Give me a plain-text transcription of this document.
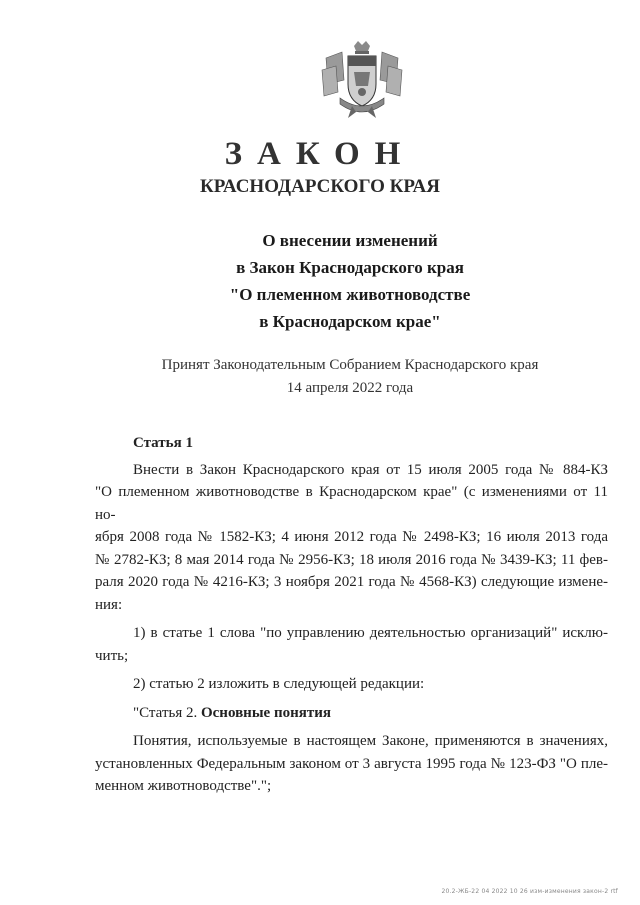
ЗАКОН
КРАСНОДАРСКОГО КРАЯ
О внесении изменений
в Закон Краснодарского края
"О племенном животноводстве
в Краснодарском крае"
Принят Законодательным Собранием Краснодарского края
14 апреля 2022 года
Статья 1
Внести в Закон Краснодарского края от 15 июля 2005 года № 884-КЗ
"О племенном животноводстве в Краснодарском крае" (с изменениями от 11 но-
ября 2008 года № 1582-КЗ; 4 июня 2012 года № 2498-КЗ; 16 июля 2013 года
№ 2782-КЗ; 8 мая 2014 года № 2956-КЗ; 18 июля 2016 года № 3439-КЗ; 11 фев-
раля 2020 года № 4216-КЗ; 3 ноября 2021 года № 4568-КЗ) следующие измене-
ния:
1) в статье 1 слова "по управлению деятельностью организаций" исклю-
чить;
2) статью 2 изложить в следующей редакции:
"Статья 2. Основные понятия
Понятия, используемые в настоящем Законе, применяются в значениях,
установленных Федеральным законом от 3 августа 1995 года № 123-ФЗ "О пле-
менном животноводстве".";
20.2-ЖБ-22 04 2022 10 26 изм-изменения закон-2 rtf
